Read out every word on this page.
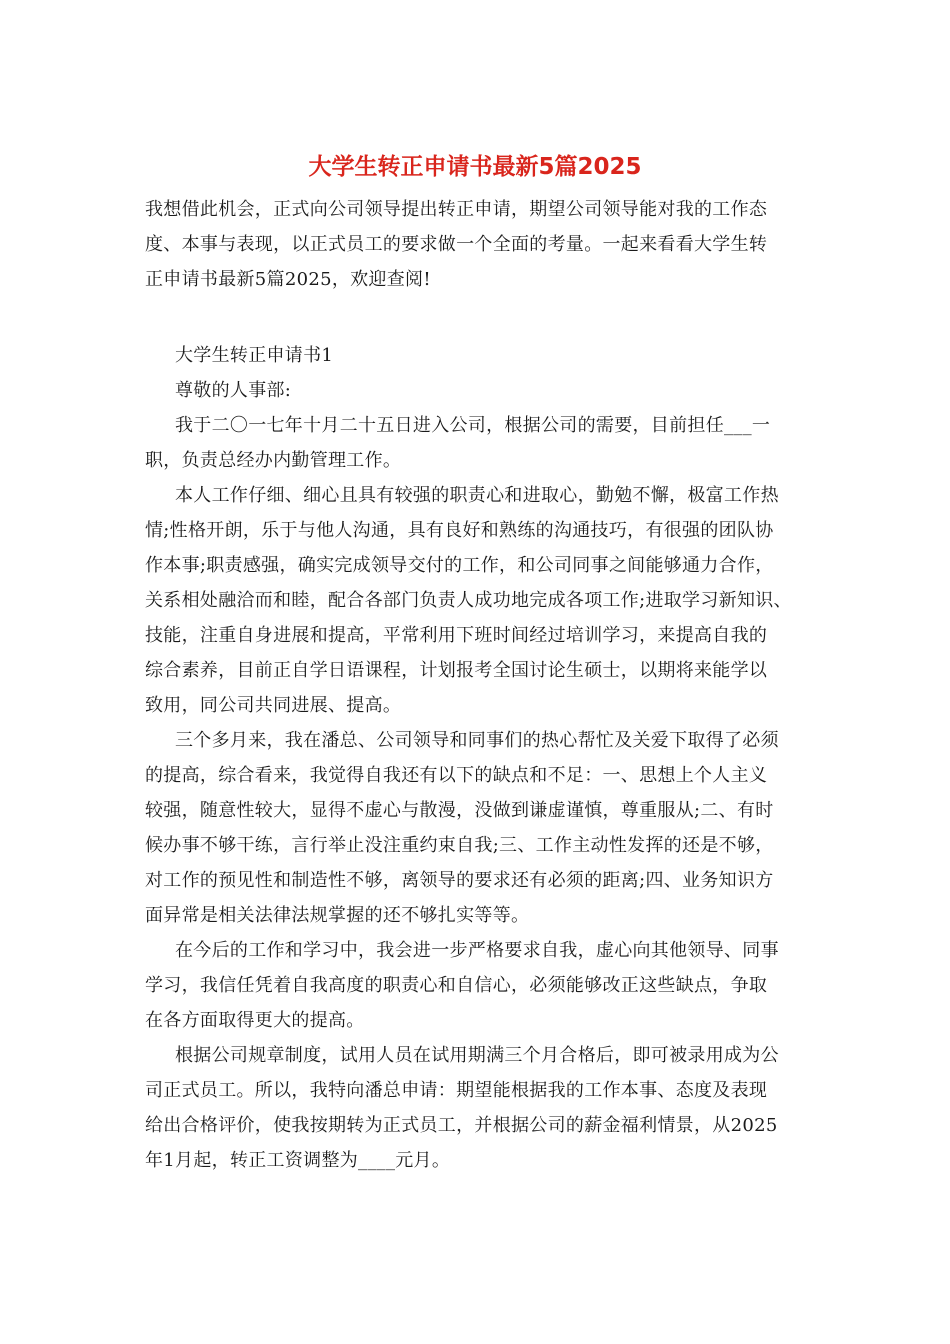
大学生转正申请书最新5篇2025
我想借此机会，正式向公司领导提出转正申请，期望公司领导能对我的工作态
度、本事与表现，以正式员工的要求做一个全面的考量。一起来看看大学生转
正申请书最新5篇2025，欢迎查阅!

大学生转正申请书1

尊敬的人事部:

我于二〇一七年十月二十五日进入公司，根据公司的需要，目前担任___一
职，负责总经办内勤管理工作。

本人工作仔细、细心且具有较强的职责心和进取心，勤勉不懈，极富工作热
情;性格开朗，乐于与他人沟通，具有良好和熟练的沟通技巧，有很强的团队协
作本事;职责感强，确实完成领导交付的工作，和公司同事之间能够通力合作，
关系相处融洽而和睦，配合各部门负责人成功地完成各项工作;进取学习新知识、
技能，注重自身进展和提高，平常利用下班时间经过培训学习，来提高自我的
综合素养，目前正自学日语课程，计划报考全国讨论生硕士，以期将来能学以
致用，同公司共同进展、提高。

三个多月来，我在潘总、公司领导和同事们的热心帮忙及关爱下取得了必须
的提高，综合看来，我觉得自我还有以下的缺点和不足：一、思想上个人主义
较强，随意性较大，显得不虚心与散漫，没做到谦虚谨慎，尊重服从;二、有时
候办事不够干练，言行举止没注重约束自我;三、工作主动性发挥的还是不够，
对工作的预见性和制造性不够，离领导的要求还有必须的距离;四、业务知识方
面异常是相关法律法规掌握的还不够扎实等等。

在今后的工作和学习中，我会进一步严格要求自我，虚心向其他领导、同事
学习，我信任凭着自我高度的职责心和自信心，必须能够改正这些缺点，争取
在各方面取得更大的提高。

根据公司规章制度，试用人员在试用期满三个月合格后，即可被录用成为公
司正式员工。所以，我特向潘总申请：期望能根据我的工作本事、态度及表现
给出合格评价，使我按期转为正式员工，并根据公司的薪金福利情景，从2025
年1月起，转正工资调整为____元月。
